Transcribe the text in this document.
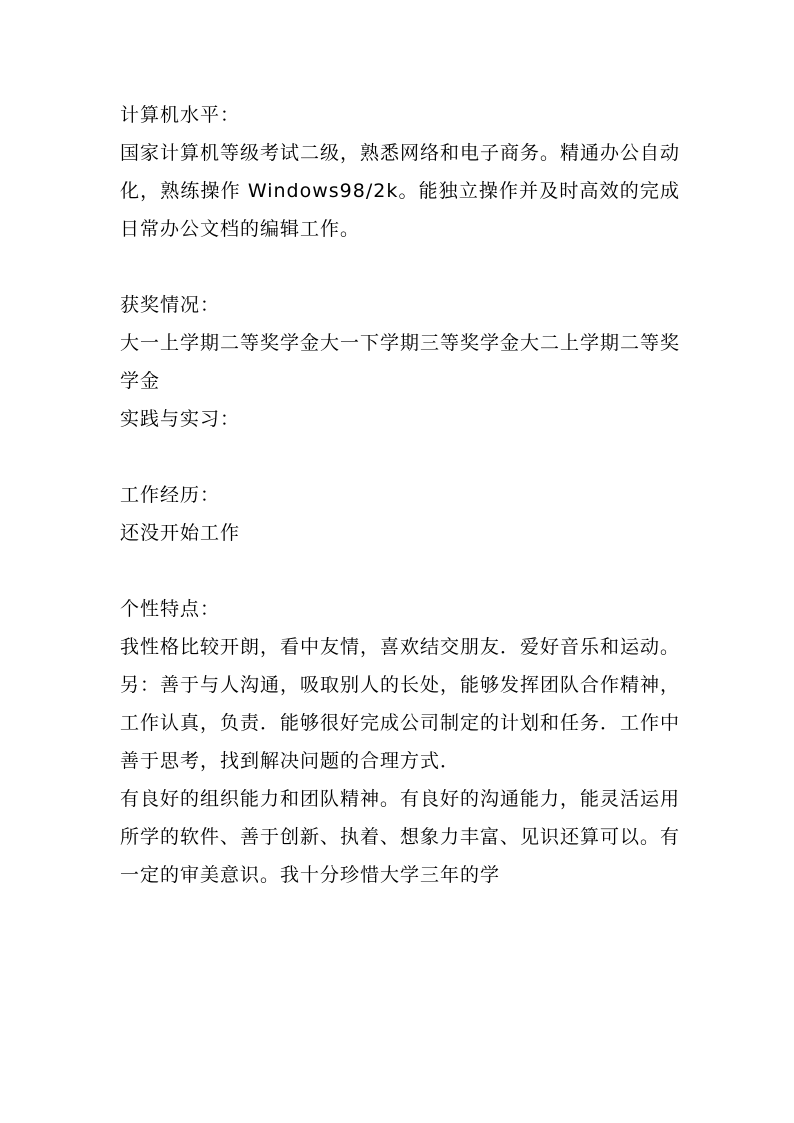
计算机水平：
国家计算机等级考试二级，熟悉网络和电子商务。精通办公自动化，熟练操作 Windows98/2k。能独立操作并及时高效的完成日常办公文档的编辑工作。
获奖情况：
大一上学期二等奖学金大一下学期三等奖学金大二上学期二等奖学金
实践与实习：
工作经历：
还没开始工作
个性特点：
我性格比较开朗，看中友情，喜欢结交朋友．爱好音乐和运动。
另：善于与人沟通，吸取别人的长处，能够发挥团队合作精神，工作认真，负责．能够很好完成公司制定的计划和任务．工作中善于思考，找到解决问题的合理方式．
有良好的组织能力和团队精神。有良好的沟通能力，能灵活运用所学的软件、善于创新、执着、想象力丰富、见识还算可以。有一定的审美意识。我十分珍惜大学三年的学
